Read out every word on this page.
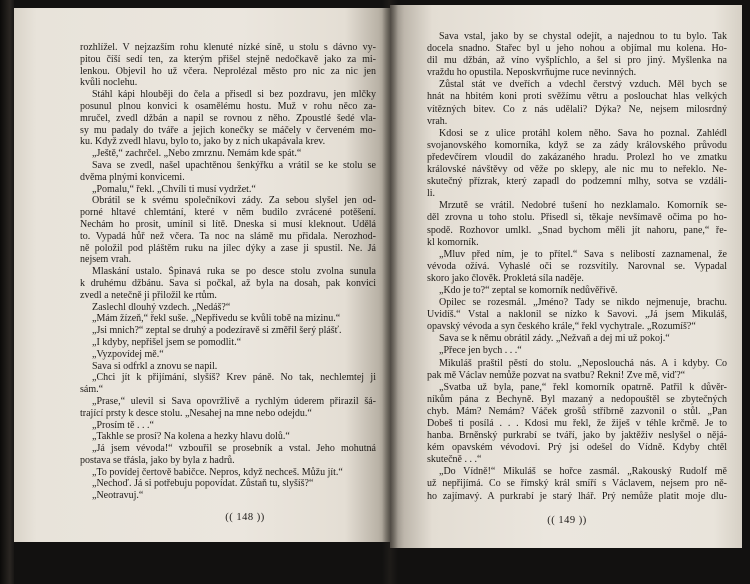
rozhlížel. V nejzazším rohu klenuté nízké síně, u stolu s dávno vy-
pitou číší sedí ten, za kterým přišel stejně nedočkavě jako za mi-
lenkou. Objevil ho už včera. Neprolézal město pro nic za nic jen
kvůli noclehu.
Stáhl kápi hlouběji do čela a přisedl si bez pozdravu, jen mlčky
posunul plnou konvici k osamělému hostu. Muž v rohu něco za-
mručel, zvedl džbán a napil se rovnou z něho. Zpoustlé šedé vla-
sy mu padaly do tváře a jejich konečky se máčely v červeném mo-
ku. Když zvedl hlavu, bylo to, jako by z nich ukapávala krev.
„Ještě,“ zachrčel. „Nebo zmrznu. Nemám kde spát.“
Sava se zvedl, našel upachtěnou šenkýřku a vrátil se ke stolu se
dvěma plnými konvicemi.
„Pomalu,“ řekl. „Chvíli ti musí vydržet.“
Obrátil se k svému společníkovi zády. Za sebou slyšel jen od-
porné hltavé chlemtání, které v něm budilo zvrácené potěšení.
Nechám ho prosit, umínil si lítě. Dneska si musí kleknout. Udělá
to. Vypadá hůř než včera. Ta noc na slámě mu přidala. Nerozhod-
ně položil pod pláštěm ruku na jílec dýky a zase ji spustil. Ne. Já
nejsem vrah.
Mlaskání ustalo. Špinavá ruka se po desce stolu zvolna sunula
k druhému džbánu. Sava si počkal, až byla na dosah, pak konvici
zvedl a netečně ji přiložil ke rtům.
Zaslechl dlouhý vzdech. „Nedáš?“
„Mám žízeň,“ řekl suše. „Nepřivedu se kvůli tobě na mizinu.“
„Jsi mnich?“ zeptal se druhý a podezíravě si změřil šerý plášť.
„I kdyby, nepřišel jsem se pomodlit.“
„Vyzpovídej mě.“
Sava si odfrkl a znovu se napil.
„Chci jít k přijímání, slyšíš? Krev páně. No tak, nechlemtej ji
sám.“
„Prase,“ ulevil si Sava opovržlivě a rychlým úderem přirazil šá-
trající prsty k desce stolu. „Nesahej na mne nebo odejdu.“
„Prosím tě . . .“
„Takhle se prosí? Na kolena a hezky hlavu dolů.“
„Já jsem vévoda!“ vzbouřil se prosebník a vstal. Jeho mohutná
postava se třásla, jako by byla z hadrů.
„To povídej čertově babičce. Nepros, když nechceš. Můžu jít.“
„Nechoď. Já si potřebuju popovídat. Zůstaň tu, slyšíš?“
„Neotravuj.“
Sava vstal, jako by se chystal odejít, a najednou to tu bylo. Tak
docela snadno. Stařec byl u jeho nohou a objímal mu kolena. Ho-
dil mu džbán, až víno vyšplíchlo, a šel si pro jiný. Myšlenka na
vraždu ho opustila. Neposkvrňujme ruce nevinných.
Zůstal stát ve dveřích a vdechl čerstvý vzduch. Měl bych se
hnát na hbitém koni proti svěžímu větru a poslouchat hlas velkých
vítězných bitev. Co z nás udělali? Dýka? Ne, nejsem milosrdný
vrah.
Kdosi se z ulice protáhl kolem něho. Sava ho poznal. Zahlédl
svojanovského komorníka, když se za zády královského průvodu
předevčírem vloudil do zakázaného hradu. Prolezl ho ve zmatku
královské návštěvy od věže po sklepy, ale nic mu to neřeklo. Ne-
skutečný přízrak, který zapadl do podzemní mlhy, sotva se vzdáli-
li.
Mrzutě se vrátil. Nedobré tušení ho nezklamalo. Komorník se-
děl zrovna u toho stolu. Přisedl si, těkaje nevšímavě očima po ho-
spodě. Rozhovor umlkl. „Snad bychom měli jít nahoru, pane,“ ře-
kl komorník.
„Mluv před ním, je to přítel.“ Sava s nelibostí zaznamenal, že
vévoda ožívá. Vyhaslé oči se rozsvítily. Narovnal se. Vypadal
skoro jako člověk. Prokletá síla naděje.
„Kdo je to?“ zeptal se komorník nedůvěřivě.
Opilec se rozesmál. „Jméno? Tady se nikdo nejmenuje, brachu.
Uvidíš.“ Vstal a naklonil se nízko k Savovi. „Já jsem Mikuláš,
opavský vévoda a syn českého krále,“ řekl vychytrale. „Rozumíš?“
Sava se k němu obrátil zády. „Nežvaň a dej mi už pokoj.“
„Přece jen bych . . .“
Mikuláš praštil pěstí do stolu. „Neposlouchá nás. A i kdyby. Co
pak mě Václav nemůže pozvat na svatbu? Řekni! Zve mě, viď?“
„Svatba už byla, pane,“ řekl komorník opatrně. Patřil k důvěr-
níkům pána z Bechyně. Byl mazaný a nedopouštěl se zbytečných
chyb. Mám? Nemám? Váček grošů stříbrně zazvonil o stůl. „Pan
Dobeš ti posílá . . . Kdosi mu řekl, že žiješ v téhle krčmě. Je to
hanba. Brněnský purkrabí se tváří, jako by jaktěživ neslyšel o nějá-
kém opavském vévodovi. Prý jsi odešel do Vídně. Kdyby chtěl
skutečně . . .“
„Do Vídně!“ Mikuláš se hořce zasmál. „Rakouský Rudolf mě
už nepřijímá. Co se římský král smíří s Václavem, nejsem pro ně-
ho zajímavý. A purkrabí je starý lhář. Prý nemůže platit moje dlu-
(( 148 ))	(( 149 ))
